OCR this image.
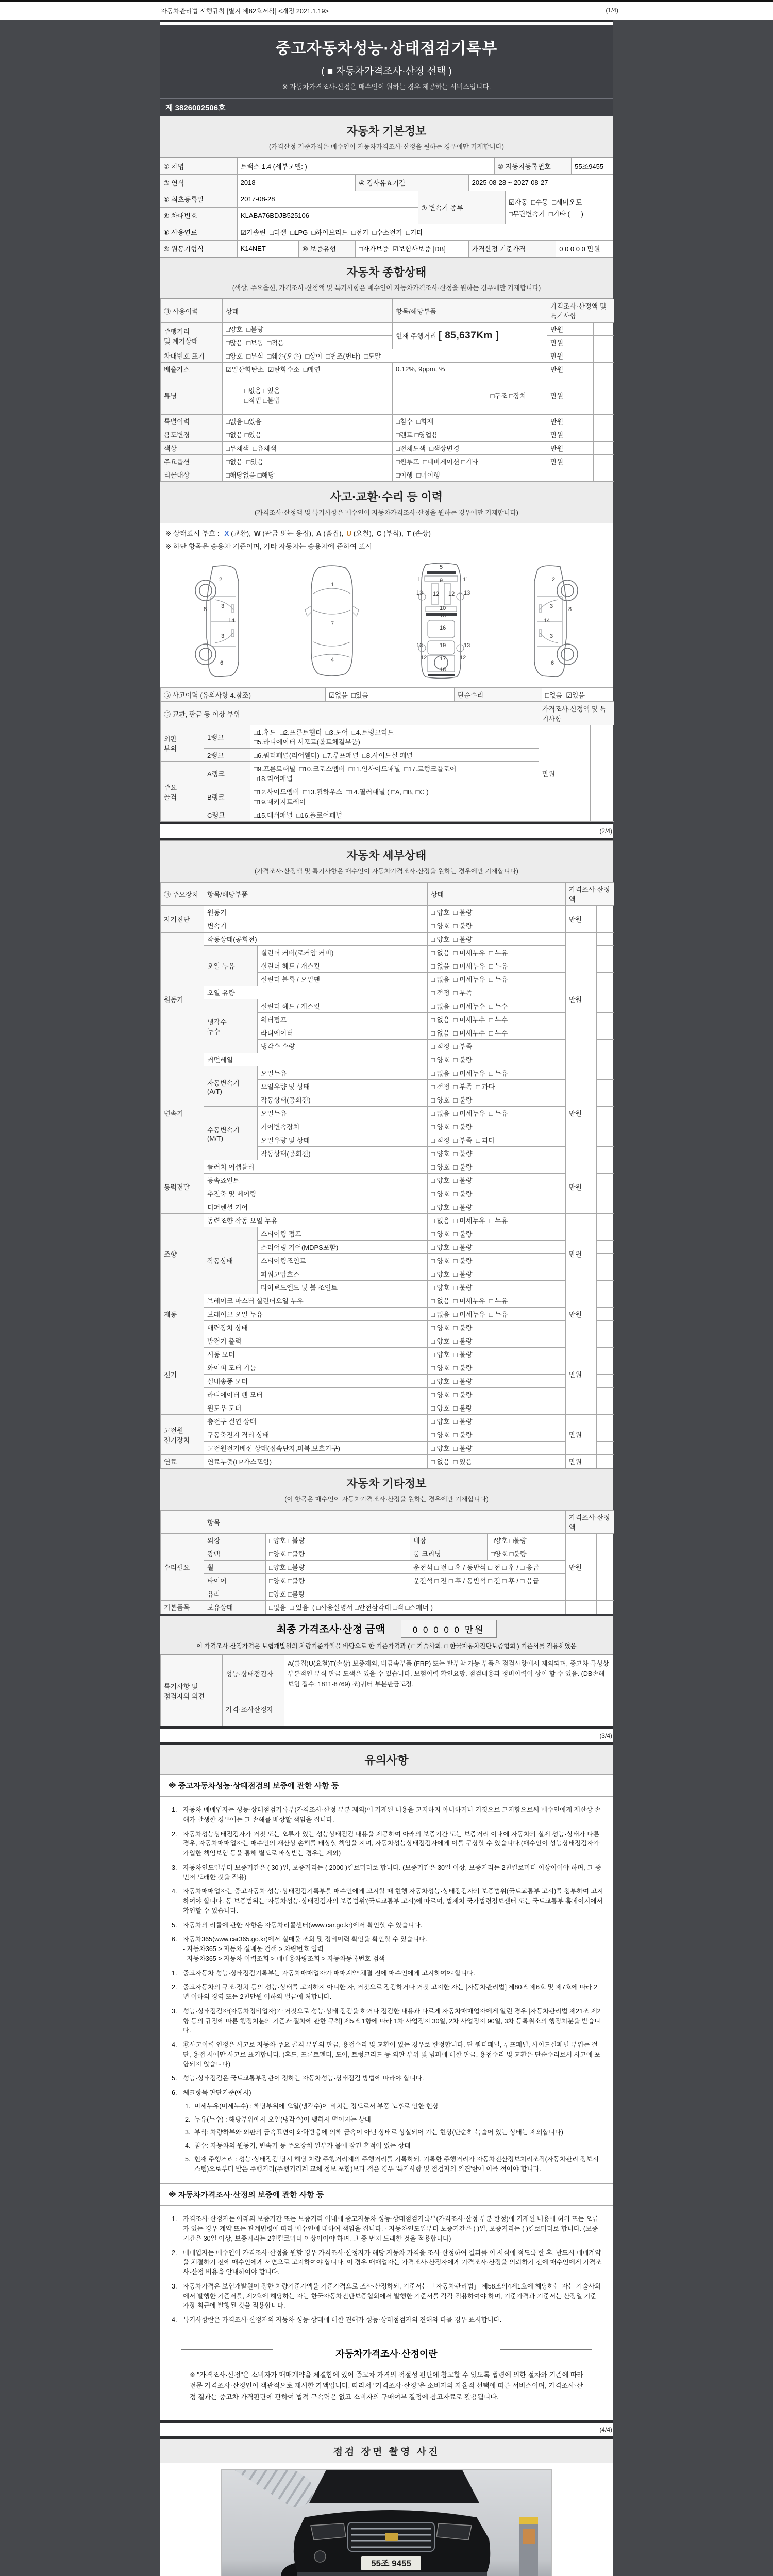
자동차관리법 시행규칙 [별지 제82호서식] <개정 2021.1.19>	(1/4)
중고자동차성능·상태점검기록부
( ■ 자동차가격조사·산정 선택 )
※ 자동차가격조사·산정은 매수인이 원하는 경우 제공하는 서비스입니다.
제 3826002506호
자동차 기본정보
(가격산정 기준가격은 매수인이 자동차가격조사·산정을 원하는 경우에만 기재합니다)
① 차명	트랙스 1.4 (세부모델: )	② 자동차등록번호	55조9455
③ 연식	2018	④ 검사유효기간	2025-08-28 ~ 2027-08-27
⑤ 최초등록일	2017-08-28
⑥ 차대번호	KLABA76BDJB525106
⑦ 변속기 종류
☑자동  □수동  □세미오토
□무단변속기  □기타 (      )
⑧ 사용연료	☑가솔린  □디젤  □LPG  □하이브리드  □전기  □수소전기  □기타
⑨ 원동기형식	K14NET	⑩ 보증유형	□자가보증  ☑보험사보증 [DB]	가격산정 기준가격	0 0 0 0 0 만원
자동차 종합상태
(색상, 주요옵션, 가격조사·산정액 및 특기사항은 매수인이 자동차가격조사·산정을 원하는 경우에만 기재합니다)
⑪ 사용이력	상태	항목/해당부품	가격조사·산정액 및 특기사항	
주행거리
및 계기상태	□양호  □불량	현재 주행거리 [ 85,637Km ]	만원	
	□많음  □보통  □적음		만원	
차대번호 표기	□양호  □부식  □훼손(오손)  □상이  □변조(변타)  □도말		만원	
배출가스	☑일산화탄소  ☑탄화수소  □매연	0.12%, 9ppm, %	만원	
튜닝	□없음 □있음
□적법 □불법	□구조 □장치	만원	
특별이력	□없음 □있음	□침수  □화재	만원	
용도변경	□없음 □있음	□렌트 □영업용	만원	
색상	□무채색  □유채색	□전체도색  □색상변경	만원	
주요옵션	□없음  □있음	□썬루프  □네비게이션 □기타	만원	
리콜대상	□해당없음 □해당	□이행  □미이행		
사고·교환·수리 등 이력
(가격조사·산정액 및 특기사항은 매수인이 자동차가격조사·산정을 원하는 경우에만 기재합니다)
※ 상태표시 부호 : X (교환), W (판금 또는 용접), A (흠집), U (요철), C (부식), T (손상)
※ 하단 항목은 승용차 기준이며, 기타 자동차는 승용차에 준하여 표시
2
8	3
14
3
6
1
7
4
5
11	9	11
13 12 12 13
10
15
16
13	19	13
12 17 12
18
2
3	8
14
3
6
⑫ 사고이력 (유의사항 4.참조)	☑없음  □있음	단순수리	□없음  ☑있음
⑬ 교환, 판금 등 이상 부위			가격조사·산정액 및 특기사항	
외판
부위	1랭크	□1.후드  □2.프론트휀더  □3.도어  □4.트렁크리드
□5.라디에이터 서포트(볼트체결부품)	만원	
	2랭크	□6.쿼터패널(리어휀다)  □7.루프패널  □8.사이드실 패널		
주요
골격	A랭크	□9.프론트패널  □10.크로스멤버  □11.인사이드패널  □17.트렁크플로어
□18.리어패널		
	B랭크	□12.사이드멤버  □13.휠하우스  □14.필러패널 ( □A, □B, □C )
□19.패키지트레이		
	C랭크	□15.대쉬패널  □16.플로어패널		
(2/4)
자동차 세부상태
(가격조사·산정액 및 특기사항은 매수인이 자동차가격조사·산정을 원하는 경우에만 기재합니다)
⑭ 주요장치	항목/해당부품		상태	가격조사·산정액	
자기진단	원동기		□ 양호  □ 불량	만원	
	변속기		□ 양호  □ 불량		
원동기	작동상태(공회전)		□ 양호  □ 불량	만원	
	오일 누유	실린더 커버(로커암 커버)	□ 없음  □ 미세누유  □ 누유		
		실린더 헤드 / 개스킷	□ 없음  □ 미세누유  □ 누유		
		실린더 블록 / 오일팬	□ 없음  □ 미세누유  □ 누유		
	오일 유량		□ 적정  □ 부족		
	냉각수
누수	실린더 헤드 / 개스킷	□ 없음  □ 미세누수  □ 누수		
		워터펌프	□ 없음  □ 미세누수  □ 누수		
		라디에이터	□ 없음  □ 미세누수  □ 누수		
		냉각수 수량	□ 적정  □ 부족		
	커먼레일		□ 양호  □ 불량		
변속기	자동변속기
(A/T)	오일누유	□ 없음  □ 미세누유  □ 누유	만원	
		오일유량 및 상태	□ 적정  □ 부족  □ 과다		
		작동상태(공회전)	□ 양호  □ 불량		
	수동변속기
(M/T)	오일누유	□ 없음  □ 미세누유  □ 누유		
		기어변속장치	□ 양호  □ 불량		
		오일유량 및 상태	□ 적정  □ 부족  □ 과다		
		작동상태(공회전)	□ 양호  □ 불량		
동력전달	클러치 어셈블리		□ 양호  □ 불량	만원	
	등속죠인트		□ 양호  □ 불량		
	추진축 및 베어링		□ 양호  □ 불량		
	디퍼렌셜 기어		□ 양호  □ 불량		
조향	동력조향 작동 오일 누유		□ 없음  □ 미세누유  □ 누유	만원	
	작동상태	스티어링 펌프	□ 양호  □ 불량		
		스티어링 기어(MDPS포함)	□ 양호  □ 불량		
		스티어링조인트	□ 양호  □ 불량		
		파워고압호스	□ 양호  □ 불량		
		타이로드엔드 및 볼 조인트	□ 양호  □ 불량		
제동	브레이크 마스터 실린더오일 누유		□ 없음  □ 미세누유  □ 누유	만원	
	브레이크 오일 누유		□ 없음  □ 미세누유  □ 누유		
	배력장치 상태		□ 양호  □ 불량		
전기	발전기 출력		□ 양호  □ 불량	만원	
	시동 모터		□ 양호  □ 불량		
	와이퍼 모터 기능		□ 양호  □ 불량		
	실내송풍 모터		□ 양호  □ 불량		
	라디에이터 팬 모터		□ 양호  □ 불량		
	윈도우 모터		□ 양호  □ 불량		
고전원
전기장치	충전구 절연 상태		□ 양호  □ 불량	만원	
	구동축전지 격리 상태		□ 양호  □ 불량		
	고전원전기배선 상태(접속단자,피복,보호기구)		□ 양호  □ 불량		
연료	연료누출(LP가스포함)		□ 없음  □ 있음	만원	
자동차 기타정보
(이 항목은 매수인이 자동차가격조사·산정을 원하는 경우에만 기재합니다)
	항목				가격조사·산정액	
수리필요	외장	□양호 □불량	내장	□양호 □불량	만원	
	광택	□양호 □불량	룸 크리닝	□양호 □불량		
	휠	□양호 □불량	운전석 □ 전 □ 후 / 동반석 □ 전 □ 후 / □ 응급			
	타이어	□양호 □불량	운전석 □ 전 □ 후 / 동반석 □ 전 □ 후 / □ 응급			
	유리	□양호 □불량				
기본품목	보유상태	□없음  □ 있음  ( □사용설명서 □안전삼각대 □잭 □스패너 )				
최종 가격조사·산정 금액	0 0 0 0 0 만원
이 가격조사·산정가격은 보험개발원의 차량기준가액을 바탕으로 한 기준가격과 ( □ 기술사회, □ 한국자동차진단보증협회 ) 기준서를 적용하였음
특기사항 및
점검자의 의견	성능·상태점검자	A(흠집)U(요철)T(손상) 보증제외, 비금속부품 (FRP) 또는 탈부착 가능 부품은 점검사항에서 제외되며, 중고차 특성상 부분적인 부식 판금 도색은 있을 수 있습니다. 보험이력 확인요망. 점검내용과 정비이력이 상이 할 수 있음. (DB손해보험 접수: 1811-8769) 조)쿼터 부분판금도장.
	가격·조사산정자	
(3/4)
유의사항
※ 중고자동차성능·상태점검의 보증에 관한 사항 등
자동차 매매업자는 성능·상태점검기록부(가격조사·산정 부분 제외)에 기재된 내용을 고지하지 아니하거나 거짓으로 고지함으로써 매수인에게 재산상 손해가 발생한 경우에는 그 손해를 배상할 책임을 집니다.
자동차성능상태점검자가 거짓 또는 오류가 있는 성능상태점검 내용을 제공하여 아래의 보증기간 또는 보증거리 이내에 자동차의 실제 성능·상태가 다른 경우, 자동차매매업자는 매수인의 재산상 손해를 배상할 책임을 지며, 자동차성능상태점검자에게 이를 구상할 수 있습니다.(매수인이 성능상태점검자가 가입한 책임보험 등을 통해 별도로 배상받는 경우는 제외)
자동차인도일부터 보증기간은 ( 30 )일, 보증거리는 ( 2000 )킬로미터로 합니다. (보증기간은 30일 이상, 보증거리는 2천킬로미터 이상이어야 하며, 그 중 먼저 도래한 것을 적용)
자동차매매업자는 중고자동차 성능·상태점검기록부를 매수인에게 고지할 때 현행 자동차성능·상태점검자의 보증범위(국토교통부 고시)를 첨부하여 고지하여야 합니다. 동 보증범위는 '자동차성능·상태점검자의 보증범위'(국토교통부 고시)에 따르며, 법제처 국가법령정보센터 또는 국토교통부 홈페이지에서 확인할 수 있습니다.
자동차의 리콜에 관한 사항은 자동차리콜센터(www.car.go.kr)에서 확인할 수 있습니다.
자동차365(www.car365.go.kr)에서 실매물 조회 및 정비이력 확인을 확인할 수 있습니다.
- 자동차365 > 자동차 실매물 검색 > 차량번호 입력
- 자동차365 > 자동차 이력조회 > 매매용차량조회 > 자동차등록번호 검색
중고자동차 성능·상태점검기록부는 자동차매매업자가 매매계약 체결 전에 매수인에게 고지하여야 합니다.
중고자동차의 구조·장치 등의 성능·상태를 고지하지 아니한 자, 거짓으로 점검하거나 거짓 고지한 자는 [자동차관리법] 제80조 제6호 및 제7호에 따라 2년 이하의 징역 또는 2천만원 이하의 벌금에 처합니다.
성능·상태점검자(자동차정비업자)가 거짓으로 성능·상태 점검을 하거나 점검한 내용과 다르게 자동차매매업자에게 알린 경우 [자동차관리법 제21조 제2항 등의 규정에 따른 행정처분의 기준과 절차에 관한 규칙] 제5조 1항에 따라 1차 사업정지 30일, 2차 사업정지 90일, 3차 등록취소의 행정처분을 받습니다.
⑫사고이력 인정은 사고로 자동차 주요 골격 부위의 판금, 용접수리 및 교환이 있는 경우로 한정합니다. 단 쿼터패널, 루프패널, 사이드실패널 부위는 절단, 용접 시에만 사고로 표기합니다. (후드, 프론트펜더, 도어, 트렁크리드 등 외판 부위 및 범퍼에 대한 판금, 용접수리 및 교환은 단순수리로서 사고에 포함되지 않습니다)
성능·상태점검은 국토교통부장관이 정하는 자동차성능·상태점검 방법에 따라야 합니다.
6. 체크항목 판단기준(예시)
미세누유(미세누수) : 해당부위에 오일(냉각수)이 비치는 정도로서 부품 노후로 인한 현상
누유(누수) : 해당부위에서 오일(냉각수)이 맺혀서 떨어지는 상태
부식: 차량하부와 외판의 금속표면이 화학반응에 의해 금속이 아닌 상태로 상실되어 가는 현상(단순히 녹슬어 있는 상태는 제외합니다)
침수: 자동차의 원동기, 변속기 등 주요장치 일부가 물에 잠긴 흔적이 있는 상태
현재 주행거리 : 성능·상태점검 당시 해당 차량 주행거리계의 주행거리를 기록하되, 기록한 주행거리가 자동차전산정보처리조직(자동차관리 정보시스템)으로부터 받은 주행거리(주행거리계 교체 정보 포함)보다 적은 경우 '특기사항 및 점검자의 의견'란에 이를 적어야 합니다.
※ 자동차가격조사·산정의 보증에 관한 사항 등
가격조사·산정자는 아래의 보증기간 또는 보증거리 이내에 중고자동차 성능·상태점검기록부(가격조사·산정 부분 한정)에 기재된 내용에 허위 또는 오류가 있는 경우 계약 또는 관계법령에 따라 매수인에 대하여 책임을 집니다. · 자동차인도일부터 보증기간은 ( )일, 보증거리는 ( )킬로미터로 합니다. (보증기간은 30일 이상, 보증거리는 2천킬로미터 이상이어야 하며, 그 중 먼저 도래한 것을 적용합니다)
매매업자는 매수인이 가격조사·산정을 원할 경우 가격조사·산정자가 해당 자동차 가격을 조사·산정하여 결과를 이 서식에 적도록 한 후, 반드시 매매계약을 체결하기 전에 매수인에게 서면으로 고지하여야 합니다. 이 경우 매매업자는 가격조사·산정자에게 가격조사·산정을 의뢰하기 전에 매수인에게 가격조사·산정 비용을 안내하여야 합니다.
자동차가격은 보험개발원이 정한 차량기준가액을 기준가격으로 조사·산정하되, 기준서는 「자동차관리법」 제58조의4제1호에 해당하는 자는 기술사회에서 발행한 기준서를, 제2호에 해당하는 자는 한국자동차진단보증협회에서 발행한 기준서를 각각 적용하여야 하며, 기준가격과 기준서는 산정일 기준 가장 최근에 발행된 것을 적용합니다.
특기사항란은 가격조사·산정자의 자동차 성능·상태에 대한 견해가 성능·상태점검자의 견해와 다를 경우 표시합니다.
자동차가격조사·산정이란
※ "가격조사·산정"은 소비자가 매매계약을 체결함에 있어 중고차 가격의 적절성 판단에 참고할 수 있도록 법령에 의한 절차와 기준에 따라 전문 가격조사·산정인이 객관적으로 제시한 가액입니다. 따라서 "가격조사·산정"은 소비자의 자율적 선택에 따른 서비스이며, 가격조사·산정 결과는 중고차 가격판단에 관하여 법적 구속력은 없고 소비자의 구매여부 결정에 참고자료로 활용됩니다.
(4/4)
점검 장면 촬영 사진
55조 9455
